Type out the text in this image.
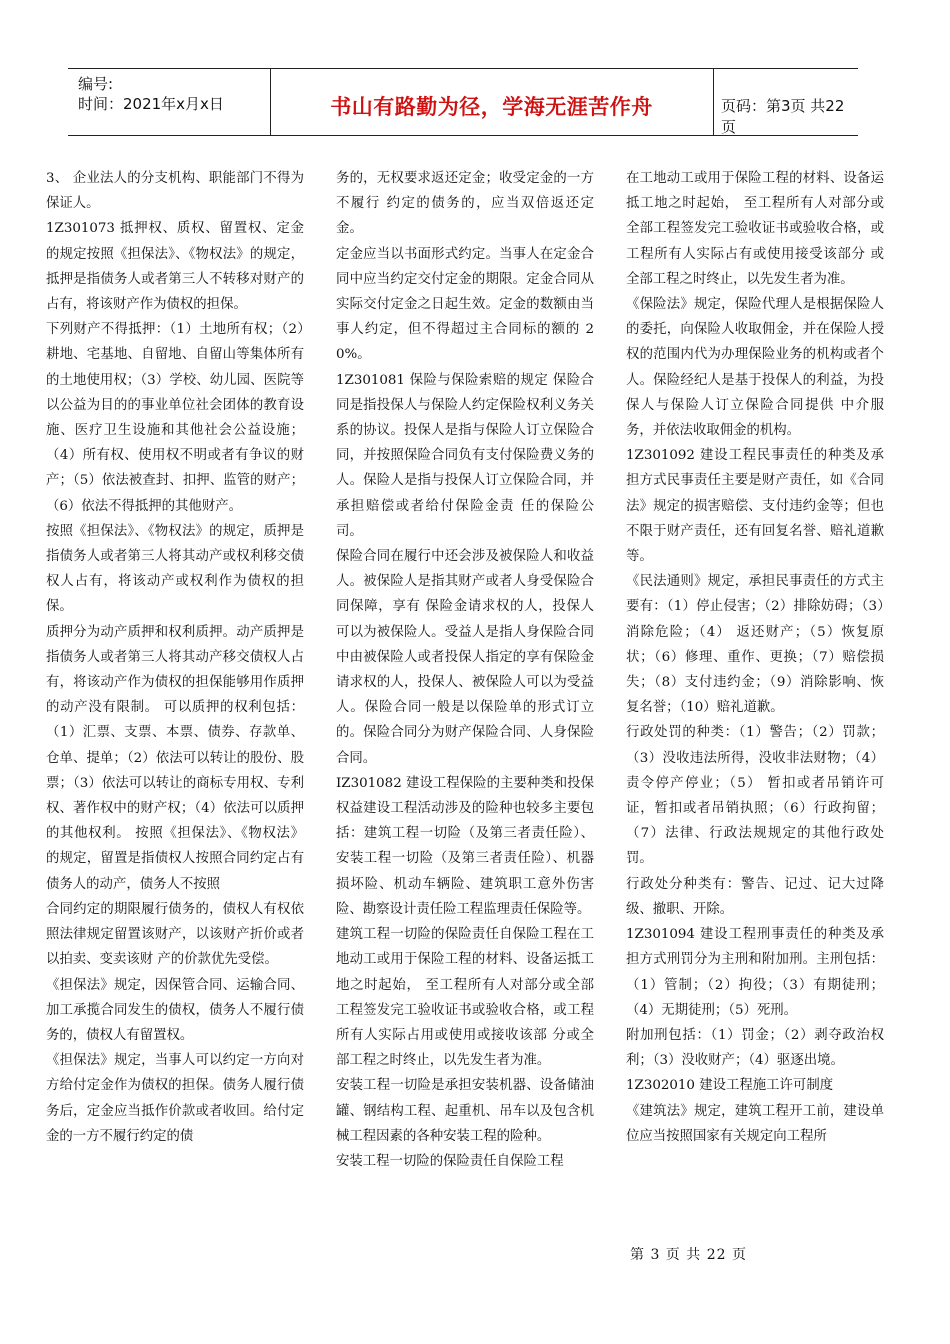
编号:
时间：2021年x月x日	书山有路勤为径，学海无涯苦作舟	页码：第3页 共22页

3、 企业法人的分支机构、职能部门不得为保证人。

1Z301073 抵押权、质权、留置权、定金的规定按照《担保法》、《物权法》的规定，抵押是指债务人或者第三人不转移对财产的占有，将该财产作为债权的担保。

下列财产不得抵押：（1）土地所有权；（2）耕地、宅基地、自留地、自留山等集体所有的土地使用权；（3）学校、幼儿园、医院等以公益为目的的事业单位社会团体的教育设施、医疗卫生设施和其他社会公益设施；（4）所有权、使用权不明或者有争议的财产；（5）依法被查封、扣押、监管的财产；（6）依法不得抵押的其他财产。

按照《担保法》、《物权法》的规定，质押是指债务人或者第三人将其动产或权利移交债权人占有，将该动产或权利作为债权的担保。

质押分为动产质押和权利质押。动产质押是指债务人或者第三人将其动产移交债权人占有，将该动产作为债权的担保能够用作质押的动产没有限制。 可以质押的权利包括：（1）汇票、支票、本票、债券、存款单、仓单、提单；（2）依法可以转让的股份、股票；（3）依法可以转让的商标专用权、专利权、著作权中的财产权；（4）依法可以质押的其他权利。 按照《担保法》、《物权法》的规定，留置是指债权人按照合同约定占有债务人的动产，债务人不按照

合同约定的期限履行债务的，债权人有权依照法律规定留置该财产，以该财产折价或者以拍卖、变卖该财 产的价款优先受偿。

《担保法》规定，因保管合同、运输合同、加工承揽合同发生的债权，债务人不履行债务的，债权人有留置权。

《担保法》规定，当事人可以约定一方向对方给付定金作为债权的担保。债务人履行债务后，定金应当抵作价款或者收回。给付定金的一方不履行约定的债

务的，无权要求返还定金；收受定金的一方不履行 约定的债务的，应当双倍返还定金。

定金应当以书面形式约定。当事人在定金合同中应当约定交付定金的期限。定金合同从实际交付定金之日起生效。定金的数额由当事人约定，但不得超过主合同标的额的 20%。

1Z301081 保险与保险索赔的规定 保险合同是指投保人与保险人约定保险权利义务关系的协议。投保人是指与保险人订立保险合同，并按照保险合同负有支付保险费义务的人。保险人是指与投保人订立保险合同，并承担赔偿或者给付保险金责 任的保险公司。

保险合同在履行中还会涉及被保险人和收益人。被保险人是指其财产或者人身受保险合同保障，享有 保险金请求权的人，投保人可以为被保险人。受益人是指人身保险合同中由被保险人或者投保人指定的享有保险金请求权的人，投保人、被保险人可以为受益人。保险合同一般是以保险单的形式订立的。保险合同分为财产保险合同、人身保险合同。

IZ301082 建设工程保险的主要种类和投保权益建设工程活动涉及的险种也较多主要包括：建筑工程一切险（及第三者责任险）、安装工程一切险（及第三者责任险）、机器损坏险、机动车辆险、建筑职工意外伤害险、勘察设计责任险工程监理责任保险等。

建筑工程一切险的保险责任自保险工程在工地动工或用于保险工程的材料、设备运抵工地之时起始， 至工程所有人对部分或全部工程签发完工验收证书或验收合格，或工程所有人实际占用或使用或接收该部 分或全部工程之时终止，以先发生者为准。

安装工程一切险是承担安装机器、设备储油罐、钢结构工程、起重机、吊车以及包含机械工程因素的各种安装工程的险种。

安装工程一切险的保险责任自保险工程

在工地动工或用于保险工程的材料、设备运抵工地之时起始， 至工程所有人对部分或全部工程签发完工验收证书或验收合格，或工程所有人实际占有或使用接受该部分 或全部工程之时终止，以先发生者为准。

《保险法》规定，保险代理人是根据保险人的委托，向保险人收取佣金，并在保险人授权的范围内代为办理保险业务的机构或者个人。保险经纪人是基于投保人的利益，为投保人与保险人订立保险合同提供 中介服务，并依法收取佣金的机构。

1Z301092 建设工程民事责任的种类及承担方式民事责任主要是财产责任，如《合同法》规定的损害赔偿、支付违约金等；但也不限于财产责任，还有回复名誉、赔礼道歉等。

《民法通则》规定，承担民事责任的方式主要有：（1）停止侵害；（2）排除妨碍；（3）消除危险；（4） 返还财产；（5）恢复原状；（6）修理、重作、更换；（7）赔偿损失；（8）支付违约金；（9）消除影响、恢 复名誉；（10）赔礼道歉。

行政处罚的种类：（1）警告；（2）罚款；（3）没收违法所得，没收非法财物；（4）责令停产停业；（5） 暂扣或者吊销许可证，暂扣或者吊销执照；（6）行政拘留；（7）法律、行政法规规定的其他行政处罚。

行政处分种类有：警告、记过、记大过降级、撤职、开除。

1Z301094 建设工程刑事责任的种类及承担方式刑罚分为主刑和附加刑。主刑包括：（1）管制；（2）拘役；（3）有期徒刑；（4）无期徒刑；（5）死刑。

附加刑包括：（1）罚金；（2）剥夺政治权利；（3）没收财产；（4）驱逐出境。

1Z302010 建设工程施工许可制度

《建筑法》规定，建筑工程开工前，建设单位应当按照国家有关规定向工程所

第 3 页 共 22 页
